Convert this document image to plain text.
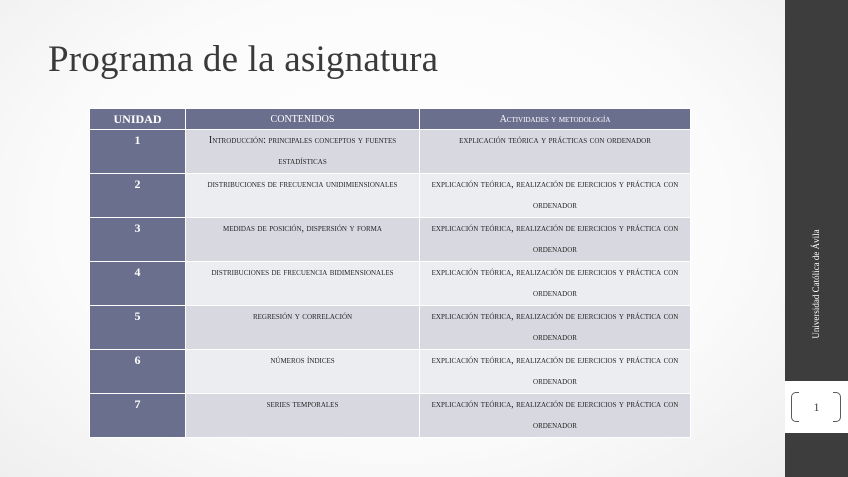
Programa de la asignatura
UNIDAD	CONTENIDOS	Actividades y metodología
1	Introducción: principales conceptos y fuentes estadísticas	explicación teórica y prácticas con ordenador
2	distribuciones de frecuencia unidimiensionales	explicación teórica, realización de ejercicios y práctica con ordenador
3	medidas de posición, dispersión y forma	explicación teórica, realización de ejercicios y práctica con ordenador
4	distribuciones de frecuencia bidimensionales	explicación teórica, realización de ejercicios y práctica con ordenador
5	regresión y correlación	explicación teórica, realización de ejercicios y práctica con ordenador
6	números índices	explicación teórica, realización de ejercicios y práctica con ordenador
7	series temporales	explicación teórica, realización de ejercicios y práctica con ordenador
Universidad Católica de Ávila
1
